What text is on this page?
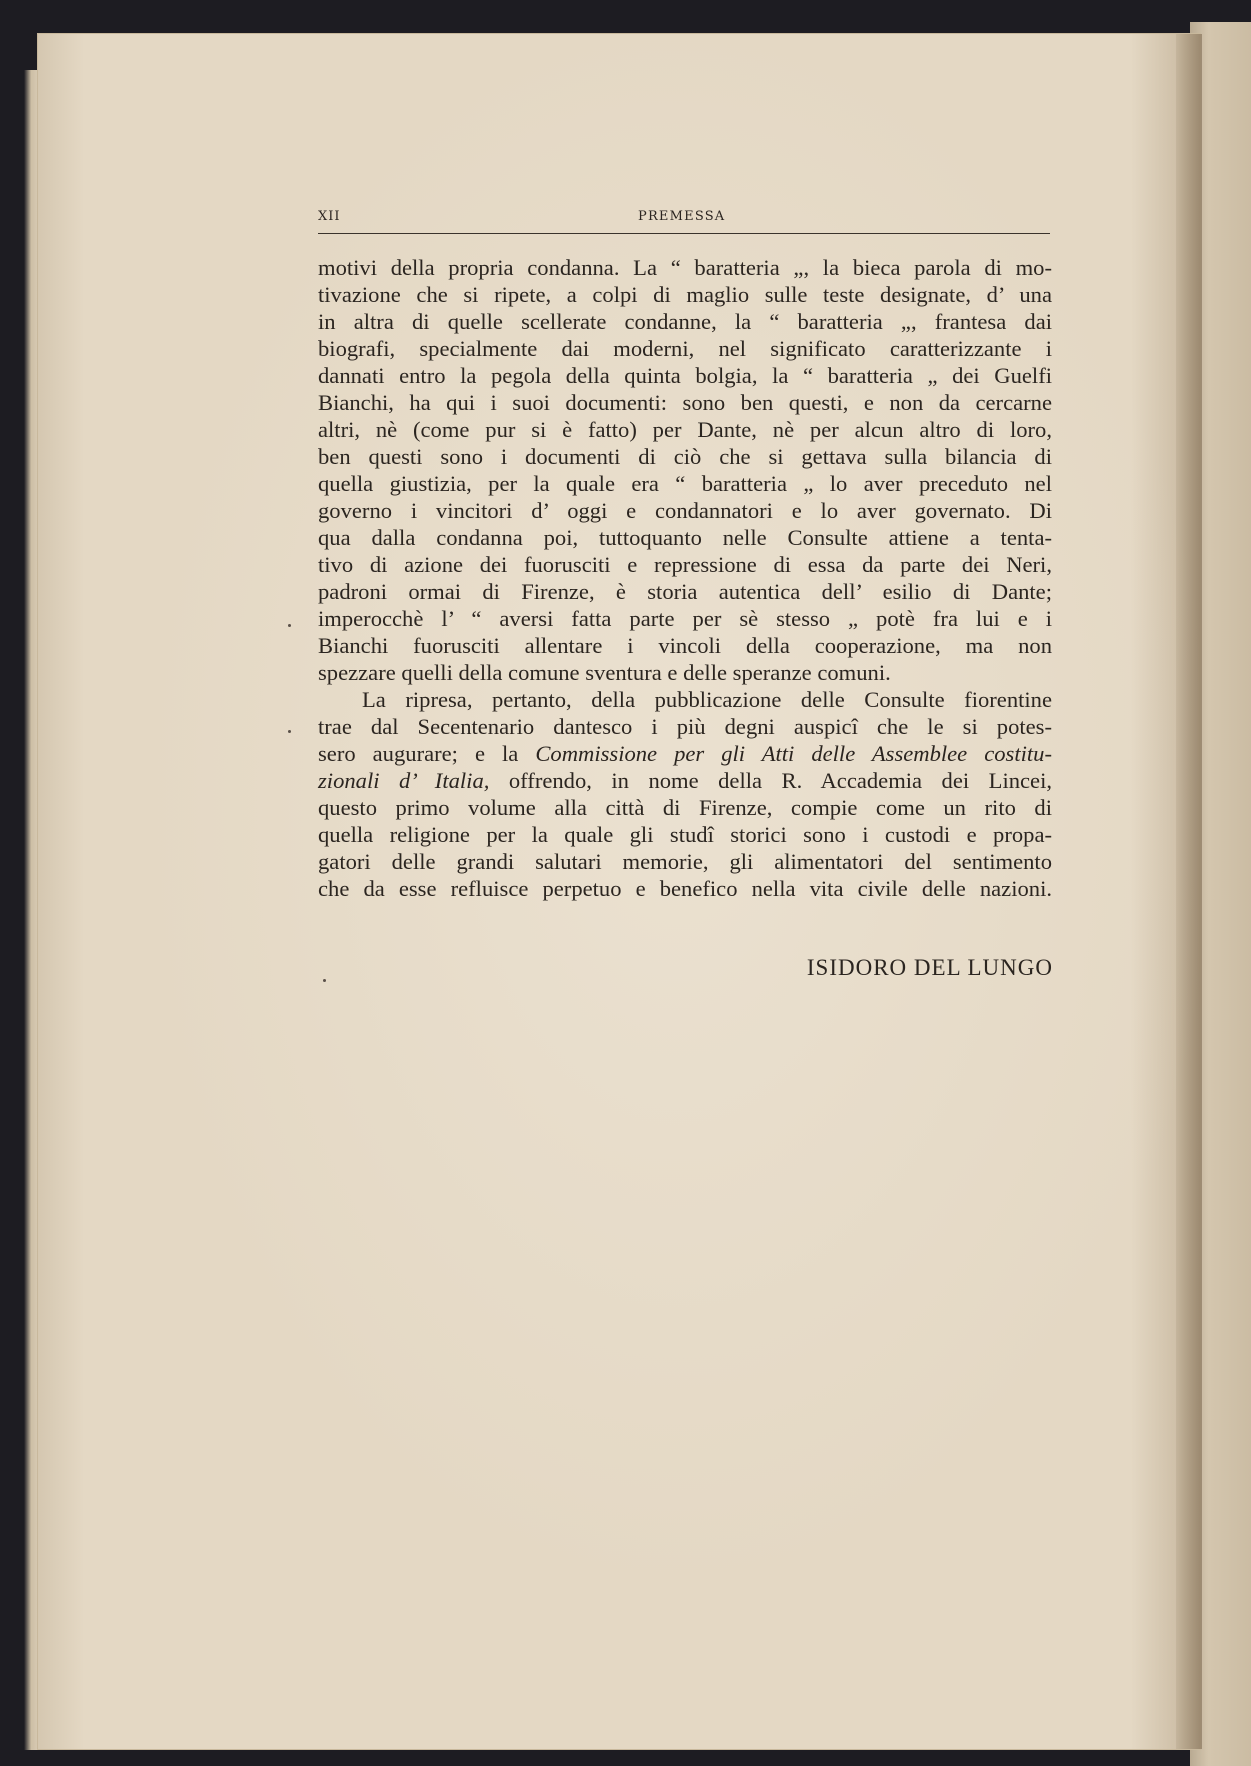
XII	PREMESSA

motivi della propria condanna. La “ baratteria „, la bieca parola di mo-
tivazione che si ripete, a colpi di maglio sulle teste designate, d’ una
in altra di quelle scellerate condanne, la “ baratteria „, frantesa dai
biografi, specialmente dai moderni, nel significato caratterizzante i
dannati entro la pegola della quinta bolgia, la “ baratteria „ dei Guelfi
Bianchi, ha qui i suoi documenti: sono ben questi, e non da cercarne
altri, nè (come pur si è fatto) per Dante, nè per alcun altro di loro,
ben questi sono i documenti di ciò che si gettava sulla bilancia di
quella giustizia, per la quale era “ baratteria „ lo aver preceduto nel
governo i vincitori d’ oggi e condannatori e lo aver governato. Di
qua dalla condanna poi, tuttoquanto nelle Consulte attiene a tenta-
tivo di azione dei fuorusciti e repressione di essa da parte dei Neri,
padroni ormai di Firenze, è storia autentica dell’ esilio di Dante;
imperocchè l’ “ aversi fatta parte per sè stesso „ potè fra lui e i
Bianchi fuorusciti allentare i vincoli della cooperazione, ma non
spezzare quelli della comune sventura e delle speranze comuni.

La ripresa, pertanto, della pubblicazione delle Consulte fiorentine
trae dal Secentenario dantesco i più degni auspicî che le si potes-
sero augurare; e la Commissione per gli Atti delle Assemblee costitu-
zionali d’ Italia, offrendo, in nome della R. Accademia dei Lincei,
questo primo volume alla città di Firenze, compie come un rito di
quella religione per la quale gli studî storici sono i custodi e propa-
gatori delle grandi salutari memorie, gli alimentatori del sentimento
che da esse refluisce perpetuo e benefico nella vita civile delle nazioni.

ISIDORO DEL LUNGO
